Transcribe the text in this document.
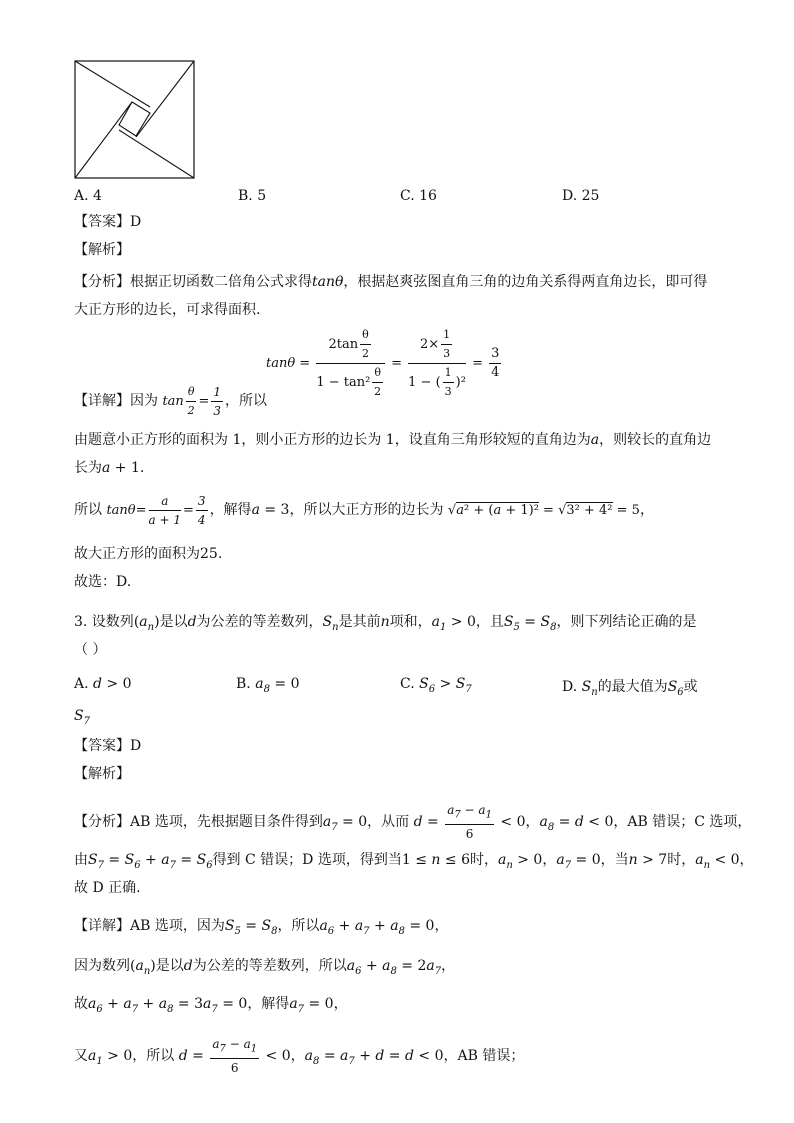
A. 4	B. 5	C. 16	D. 25
【答案】D
【解析】
【分析】根据正切函数二倍角公式求得tanθ，根据赵爽弦图直角三角的边角关系得两直角边长，即可得
大正方形的边长，可求得面积.
$\tan\theta = \frac{2\tan \frac{\theta}{2}}{1 - \tan^2 \frac{\theta}{2}} = \frac{2\times \frac{1}{3}}{1 - ( \frac{1}{3} )^2} = \frac{3}{4}$
【详解】因为 $\tan \frac{\theta}{2} = \frac{1}{3}$ ，所以
由题意小正方形的面积为 1，则小正方形的边长为 1，设直角三角形较短的直角边为a，则较长的直角边
长为a + 1.
所以 $\tan\theta= \frac{a}{a + 1} = \frac{3}{4}$ ，解得a = 3，所以大正方形的边长为 √a² + (a + 1)² = √3² + 4² = 5，
故大正方形的面积为25.
故选：D.
3. 设数列$(a_n)$是以d为公差的等差数列，$S_n$是其前n项和，$a_1 > 0$，且$S_5 = S_8$，则下列结论正确的是
（ ）
A. d > 0	B. $a_8 = 0$	C. $S_6 > S_7$	D. $S_n$的最大值为$S_6$或
$S_7$
【答案】D
【解析】
【分析】AB 选项，先根据题目条件得到$a_7 = 0$，从而 $d = \frac{a_7 - a_1}{6} < 0$，$a_8 = d < 0$，AB 错误；C 选项，
由$S_7 = S_6 + a_7 = S_6$得到 C 错误；D 选项，得到当1 ≤ n ≤ 6时，$a_n > 0$，$a_7 = 0$，当n > 7时，$a_n < 0$，
故 D 正确.
【详解】AB 选项，因为$S_5 = S_8$，所以$a_6 + a_7 + a_8 = 0$，
因为数列$(a_n)$是以d为公差的等差数列，所以$a_6 + a_8 = 2a_7$，
故$a_6 + a_7 + a_8 = 3a_7 = 0$，解得$a_7 = 0$，
又$a_1 > 0$，所以 $d = \frac{a_7 - a_1}{6} < 0$，$a_8 = a_7 + d = d < 0$，AB 错误；
